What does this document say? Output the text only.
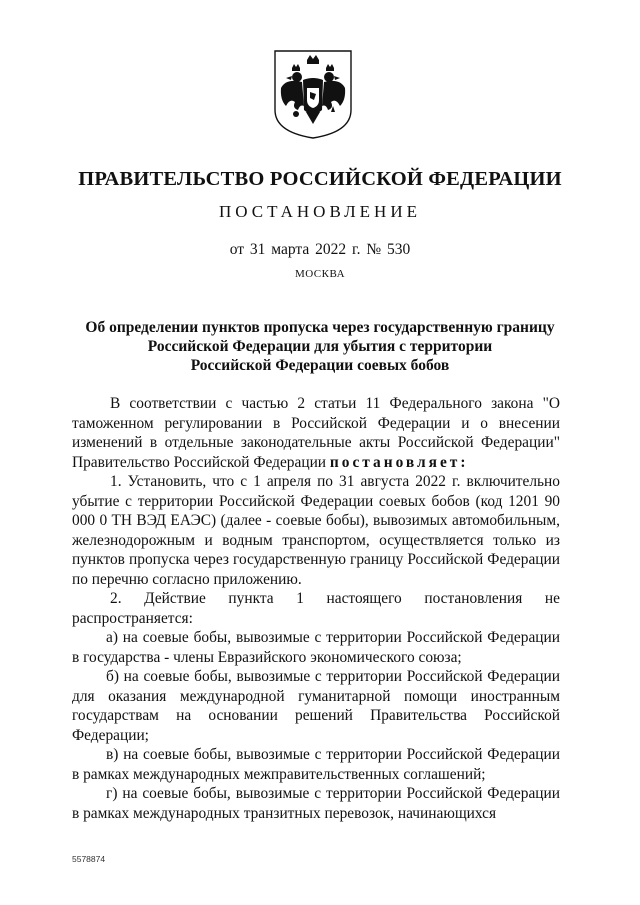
ПРАВИТЕЛЬСТВО РОССИЙСКОЙ ФЕДЕРАЦИИ
ПОСТАНОВЛЕНИЕ
от 31 марта 2022 г. № 530
МОСКВА
Об определении пунктов пропуска через государственную границу
Российской Федерации для убытия с территории
Российской Федерации соевых бобов

В соответствии с частью 2 статьи 11 Федерального закона "О таможенном регулировании в Российской Федерации и о внесении изменений в отдельные законодательные акты Российской Федерации" Правительство Российской Федерации постановляет:

1. Установить, что с 1 апреля по 31 августа 2022 г. включительно убытие с территории Российской Федерации соевых бобов (код 1201 90 000 0 ТН ВЭД ЕАЭС) (далее - соевые бобы), вывозимых автомобильным, железнодорожным и водным транспортом, осуществляется только из пунктов пропуска через государственную границу Российской Федерации по перечню согласно приложению.

2. Действие пункта 1 настоящего постановления не распространяется:

а) на соевые бобы, вывозимые с территории Российской Федерации в государства - члены Евразийского экономического союза;

б) на соевые бобы, вывозимые с территории Российской Федерации для оказания международной гуманитарной помощи иностранным государствам на основании решений Правительства Российской Федерации;

в) на соевые бобы, вывозимые с территории Российской Федерации в рамках международных межправительственных соглашений;

г) на соевые бобы, вывозимые с территории Российской Федерации в рамках международных транзитных перевозок, начинающихся

5578874
